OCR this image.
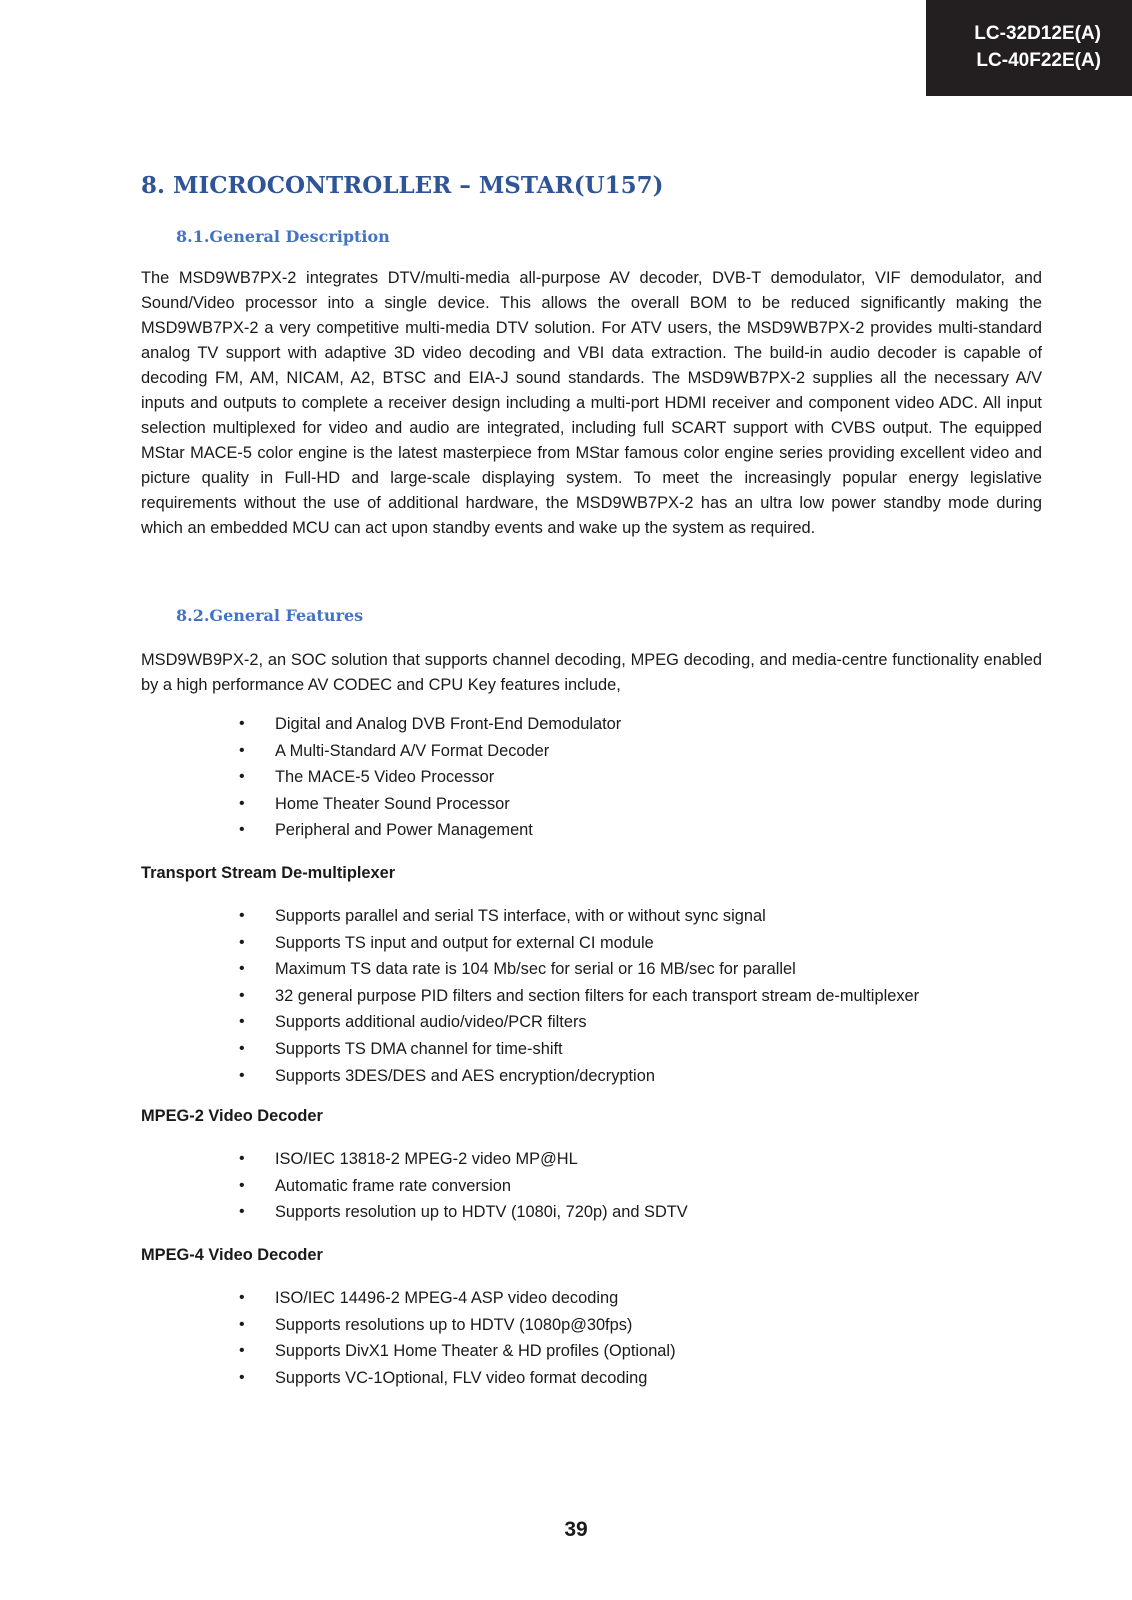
LC-32D12E(A)
LC-40F22E(A)
8. MICROCONTROLLER – MSTAR(U157)
8.1.General Description

The MSD9WB7PX-2 integrates DTV/multi-media all-purpose AV decoder, DVB-T demodulator, VIF demodulator, and Sound/Video processor into a single device. This allows the overall BOM to be reduced significantly making the MSD9WB7PX-2 a very competitive multi-media DTV solution. For ATV users, the MSD9WB7PX-2 provides multi-standard analog TV support with adaptive 3D video decoding and VBI data extraction. The build-in audio decoder is capable of decoding FM, AM, NICAM, A2, BTSC and EIA-J sound standards. The MSD9WB7PX-2 supplies all the necessary A/V inputs and outputs to complete a receiver design including a multi-port HDMI receiver and component video ADC. All input selection multiplexed for video and audio are integrated, including full SCART support with CVBS output. The equipped MStar MACE-5 color engine is the latest masterpiece from MStar famous color engine series providing excellent video and picture quality in Full-HD and large-scale displaying system. To meet the increasingly popular energy legislative requirements without the use of additional hardware, the MSD9WB7PX-2 has an ultra low power standby mode during which an embedded MCU can act upon standby events and wake up the system as required.

8.2.General Features

MSD9WB9PX-2, an SOC solution that supports channel decoding, MPEG decoding, and media-centre functionality enabled by a high performance AV CODEC and CPU Key features include,

• Digital and Analog DVB Front-End Demodulator
• A Multi-Standard A/V Format Decoder
• The MACE-5 Video Processor
• Home Theater Sound Processor
• Peripheral and Power Management
Transport Stream De-multiplexer
• Supports parallel and serial TS interface, with or without sync signal
• Supports TS input and output for external CI module
• Maximum TS data rate is 104 Mb/sec for serial or 16 MB/sec for parallel
• 32 general purpose PID filters and section filters for each transport stream de-multiplexer
• Supports additional audio/video/PCR filters
• Supports TS DMA channel for time-shift
• Supports 3DES/DES and AES encryption/decryption
MPEG-2 Video Decoder
• ISO/IEC 13818-2 MPEG-2 video MP@HL
• Automatic frame rate conversion
• Supports resolution up to HDTV (1080i, 720p) and SDTV
MPEG-4 Video Decoder
• ISO/IEC 14496-2 MPEG-4 ASP video decoding
• Supports resolutions up to HDTV (1080p@30fps)
• Supports DivX1 Home Theater & HD profiles (Optional)
• Supports VC-1Optional, FLV video format decoding
39
